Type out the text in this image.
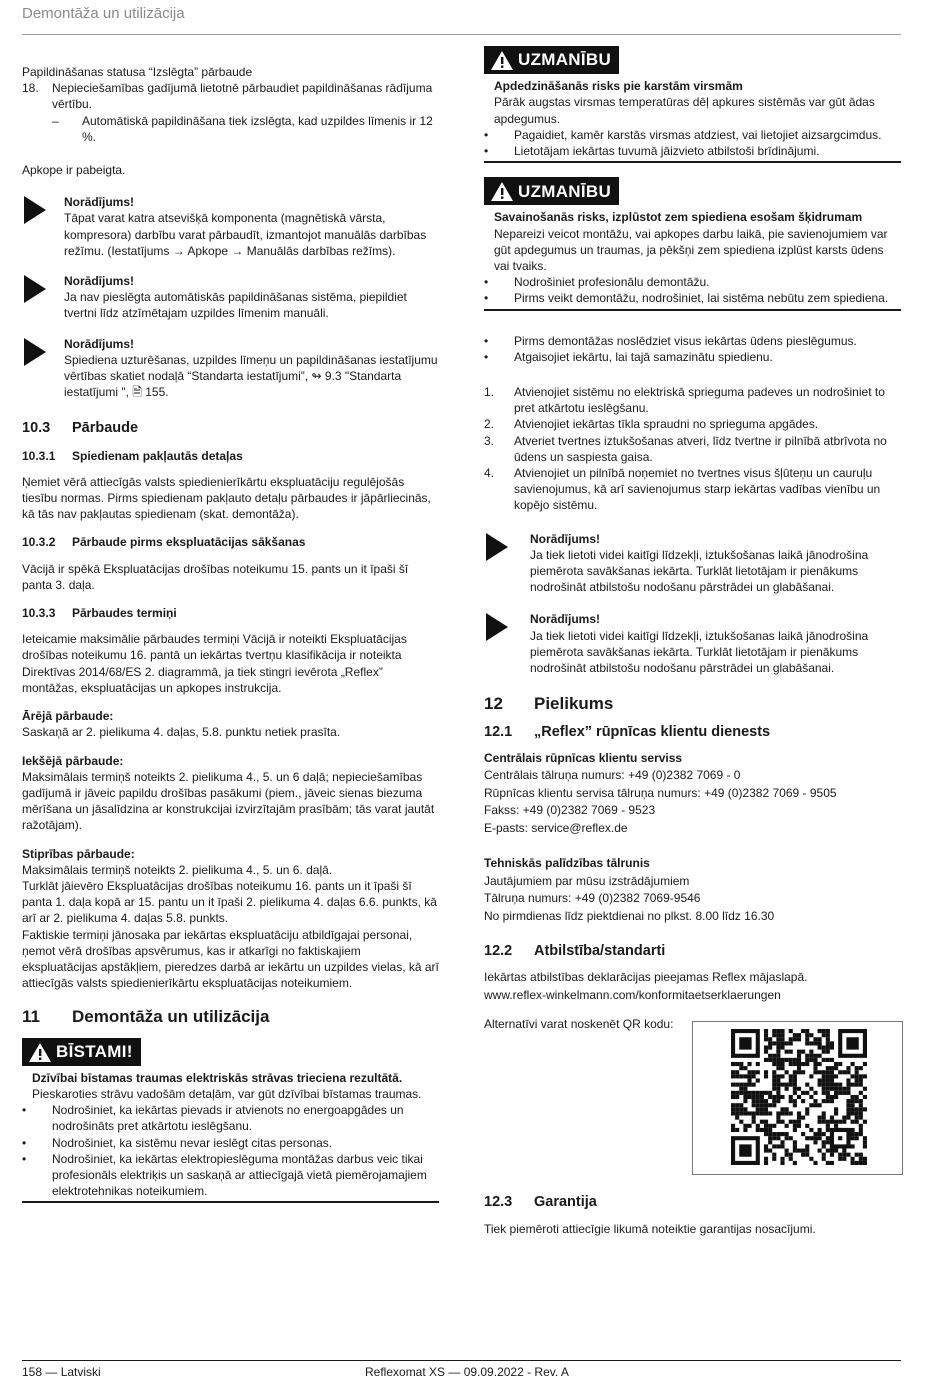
Demontāža un utilizācija

Papildināšanas statusa “Izslēgta” pārbaude

18.	Nepieciešamības gadījumā lietotnē pārbaudiet papildināšanas rādījuma vērtību.
–	Automātiskā papildināšana tiek izslēgta, kad uzpildes līmenis ir 12 %.

Apkope ir pabeigta.

Norādījums!
Tāpat varat katra atsevišķā komponenta (magnētiskā vārsta, kompresora) darbību varat pārbaudīt, izmantojot manuālās darbības režīmu. (Iestatījums → Apkope → Manuālās darbības režīms).
Norādījums!
Ja nav pieslēgta automātiskās papildināšanas sistēma, piepildiet tvertni līdz atzīmētajam uzpildes līmenim manuāli.
Norādījums!
Spiediena uzturēšanas, uzpildes līmeņu un papildināšanas iestatījumu vērtības skatiet nodaļā “Standarta iestatījumi”, ↬ 9.3 "Standarta iestatījumi ", 🗎 155.
10.3	Pārbaude
10.3.1	Spiedienam pakļautās detaļas

Ņemiet vērā attiecīgās valsts spiedienierīkārtu ekspluatāciju regulējošās tiesību normas. Pirms spiedienam pakļauto detaļu pārbaudes ir jāpārliecinās, kā tās nav pakļautas spiedienam (skat. demontāža).

10.3.2	Pārbaude pirms ekspluatācijas sākšanas

Vācijā ir spēkā Ekspluatācijas drošības noteikumu 15. pants un it īpaši šī panta 3. daļa.

10.3.3	Pārbaudes termiņi

Ieteicamie maksimālie pārbaudes termiņi Vācijā ir noteikti Ekspluatācijas drošības noteikumu 16. pantā un iekārtas tvertņu klasifikācija ir noteikta Direktīvas 2014/68/ES 2. diagrammā, ja tiek stingri ievērota „Reflex” montāžas, ekspluatācijas un apkopes instrukcija.

Ārējā pārbaude:

Saskaņā ar 2. pielikuma 4. daļas, 5.8. punktu netiek prasīta.

Iekšējā pārbaude:

Maksimālais termiņš noteikts 2. pielikuma 4., 5. un 6 daļā; nepieciešamības gadījumā ir jāveic papildu drošības pasākumi (piem., jāveic sienas biezuma mērīšana un jāsalīdzina ar konstrukcijai izvirzītajām prasībām; tās varat jautāt ražotājam).

Stiprības pārbaude:

Maksimālais termiņš noteikts 2. pielikuma 4., 5. un 6. daļā.

Turklāt jāievēro Ekspluatācijas drošības noteikumu 16. pants un it īpaši šī panta 1. daļa kopā ar 15. pantu un it īpaši 2. pielikuma 4. daļas 6.6. punkts, kā arī ar 2. pielikuma 4. daļas 5.8. punkts.

Faktiskie termiņi jānosaka par iekārtas ekspluatāciju atbildīgajai personai, ņemot vērā drošības apsvērumus, kas ir atkarīgi no faktiskajiem ekspluatācijas apstākļiem, pieredzes darbā ar iekārtu un uzpildes vielas, kā arī attiecīgās valsts spiedienierīkārtu ekspluatācijas noteikumiem.

11	Demontāža un utilizācija
BĪSTAMI!
Dzīvībai bīstamas traumas elektriskās strāvas trieciena rezultātā.
Pieskaroties strāvu vadošām detaļām, var gūt dzīvībai bīstamas traumas.
•	Nodrošiniet, ka iekārtas pievads ir atvienots no energoapgādes un nodrošināts pret atkārtotu ieslēgšanu.
•	Nodrošiniet, ka sistēmu nevar ieslēgt citas personas.
•	Nodrošiniet, ka iekārtas elektropieslēguma montāžas darbus veic tikai profesionāls elektriķis un saskaņā ar attiecīgajā vietā piemērojamajiem elektrotehnikas noteikumiem.
UZMANĪBU
Apdedzināšanās risks pie karstām virsmām
Pārāk augstas virsmas temperatūras dēļ apkures sistēmās var gūt ādas apdegumus.
•	Pagaidiet, kamēr karstās virsmas atdziest, vai lietojiet aizsargcimdus.
•	Lietotājam iekārtas tuvumā jāizvieto atbilstoši brīdinājumi.
UZMANĪBU
Savainošanās risks, izplūstot zem spiediena esošam šķidrumam
Nepareizi veicot montāžu, vai apkopes darbu laikā, pie savienojumiem var gūt apdegumus un traumas, ja pēkšņi zem spiediena izplūst karsts ūdens vai tvaiks.
•	Nodrošiniet profesionālu demontāžu.
•	Pirms veikt demontāžu, nodrošiniet, lai sistēma nebūtu zem spiediena.
•	Pirms demontāžas noslēdziet visus iekārtas ūdens pieslēgumus.
•	Atgaisojiet iekārtu, lai tajā samazinātu spiedienu.
1.	Atvienojiet sistēmu no elektriskā sprieguma padeves un nodrošiniet to pret atkārtotu ieslēgšanu.
2.	Atvienojiet iekārtas tīkla spraudni no sprieguma apgādes.
3.	Atveriet tvertnes iztukšošanas atveri, līdz tvertne ir pilnībā atbrīvota no ūdens un saspiesta gaisa.
4.	Atvienojiet un pilnībā noņemiet no tvertnes visus šļūteņu un cauruļu savienojumus, kā arī savienojumus starp iekārtas vadības vienību un kopējo sistēmu.
Norādījums!
Ja tiek lietoti videi kaitīgi līdzekļi, iztukšošanas laikā jānodrošina piemērota savākšanas iekārta. Turklāt lietotājam ir pienākums nodrošināt atbilstošu nodošanu pārstrādei un glabāšanai.
Norādījums!
Ja tiek lietoti videi kaitīgi līdzekļi, iztukšošanas laikā jānodrošina piemērota savākšanas iekārta. Turklāt lietotājam ir pienākums nodrošināt atbilstošu nodošanu pārstrādei un glabāšanai.
12	Pielikums
12.1	„Reflex” rūpnīcas klientu dienests

Centrālais rūpnīcas klientu serviss

Centrālais tālruņa numurs: +49 (0)2382 7069 - 0

Rūpnīcas klientu servisa tālruņa numurs: +49 (0)2382 7069 - 9505

Fakss: +49 (0)2382 7069 - 9523

E-pasts: service@reflex.de

Tehniskās palīdzības tālrunis

Jautājumiem par mūsu izstrādājumiem

Tālruņa numurs: +49 (0)2382 7069-9546

No pirmdienas līdz piektdienai no plkst. 8.00 līdz 16.30

12.2	Atbilstība/standarti

Iekārtas atbilstības deklarācijas pieejamas Reflex mājaslapā.

www.reflex-winkelmann.com/konformitaetserklaerungen

Alternatīvi varat noskenēt QR kodu:

12.3	Garantija

Tiek piemēroti attiecīgie likumā noteiktie garantijas nosacījumi.

158 — Latviski	Reflexomat XS — 09.09.2022 - Rev. A
